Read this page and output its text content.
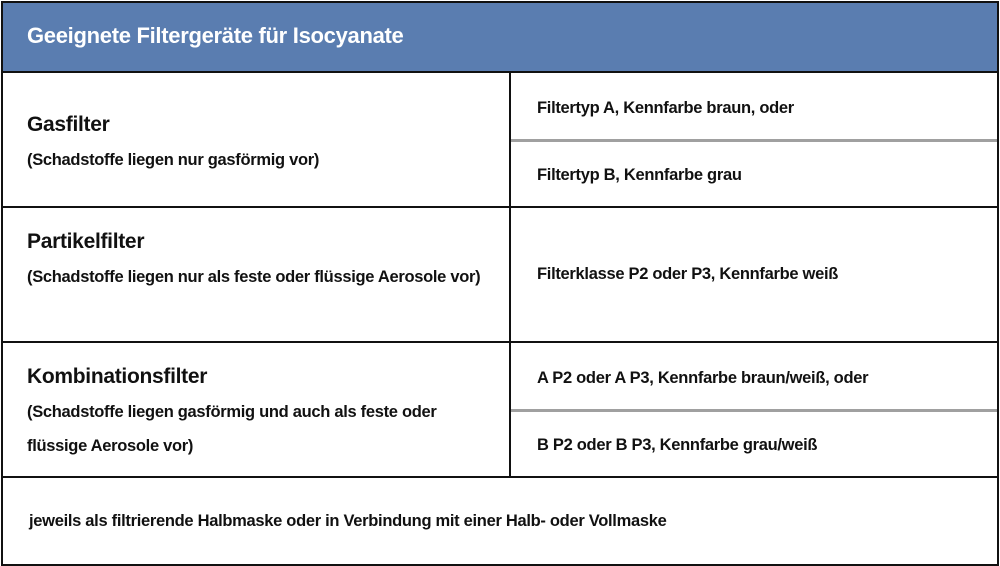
Geeignete Filtergeräte für Isocyanate
Gasfilter
(Schadstoffe liegen nur gasförmig vor)
Filtertyp A, Kennfarbe braun, oder
Filtertyp B, Kennfarbe grau
Partikelfilter
(Schadstoffe liegen nur als feste oder flüssige Aerosole vor)	Filterklasse P2 oder P3, Kennfarbe weiß
Kombinationsfilter
(Schadstoffe liegen gasförmig und auch als feste oder flüssige Aerosole vor)
A P2 oder A P3, Kennfarbe braun/weiß, oder
B P2 oder B P3, Kennfarbe grau/weiß
jeweils als filtrierende Halbmaske oder in Verbindung mit einer Halb- oder Vollmaske
